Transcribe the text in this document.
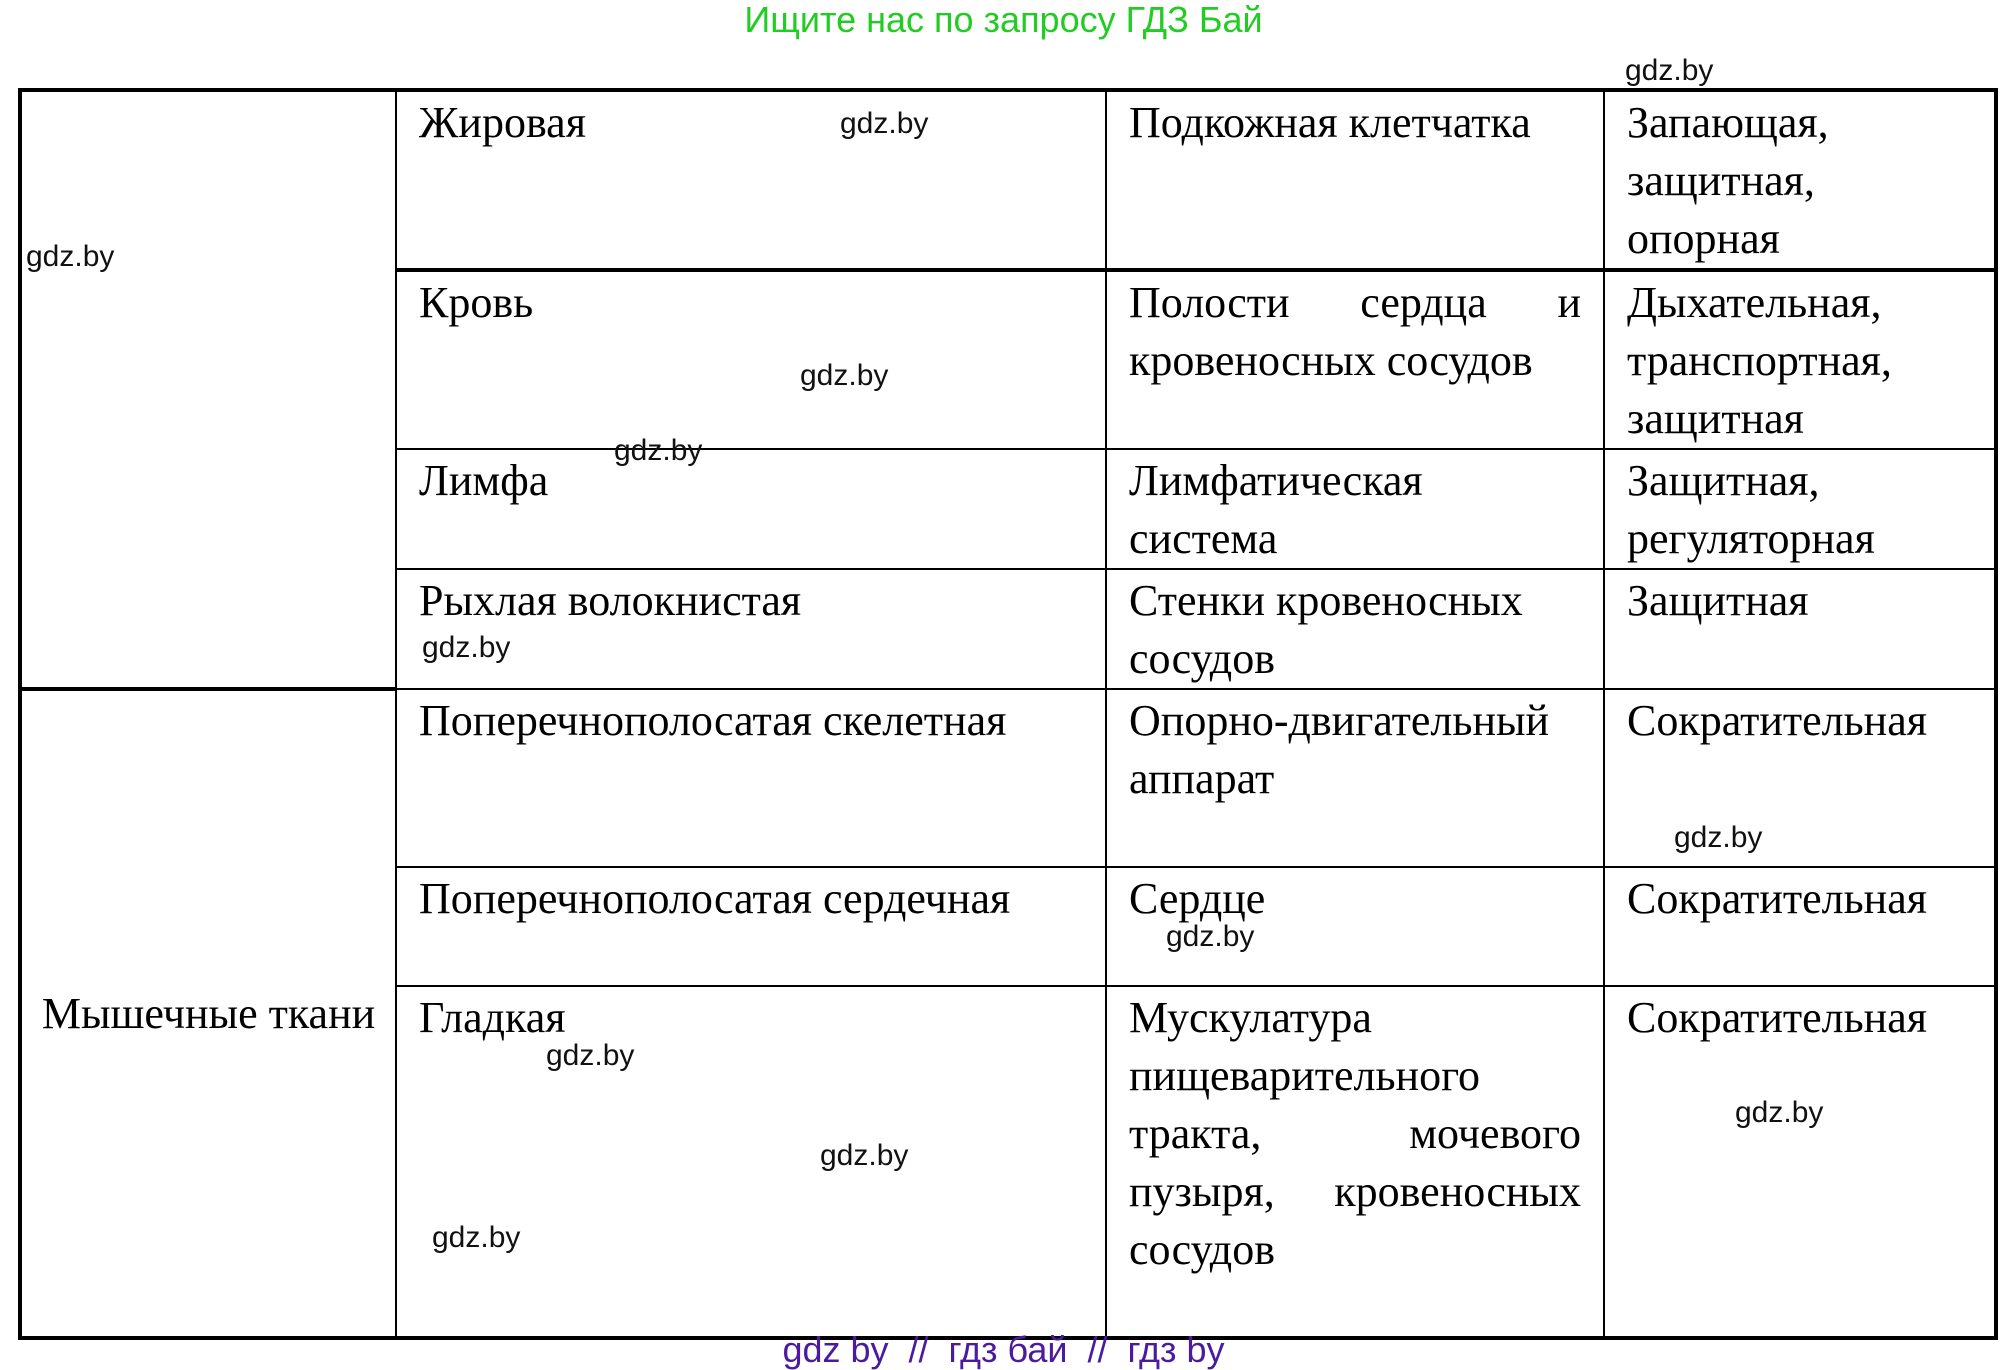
Ищите нас по запросу ГДЗ Бай
	Жировая	Подкожная клетчатка	Запающая, защитная, опорная
	Кровь	Полости сердца и кровеносных сосудов	Дыхательная, транспортная, защитная
	Лимфа	Лимфатическая система	Защитная, регуляторная
	Рыхлая волокнистая	Стенки кровеносных сосудов	Защитная
Мышечные ткани	Поперечнополосатая скелетная	Опорно-двигательный аппарат	Сократительная
	Поперечнополосатая сердечная	Сердце	Сократительная
	Гладкая	Мускулатура пищеварительного тракта, мочевого пузыря, кровеносных сосудов	Сократительная
gdz.by
gdz.by
gdz.by
gdz.by
gdz.by
gdz.by
gdz.by
gdz.by
gdz.by
gdz.by
gdz.by
gdz.by
gdz by  //  гдз бай  //  гдз by
